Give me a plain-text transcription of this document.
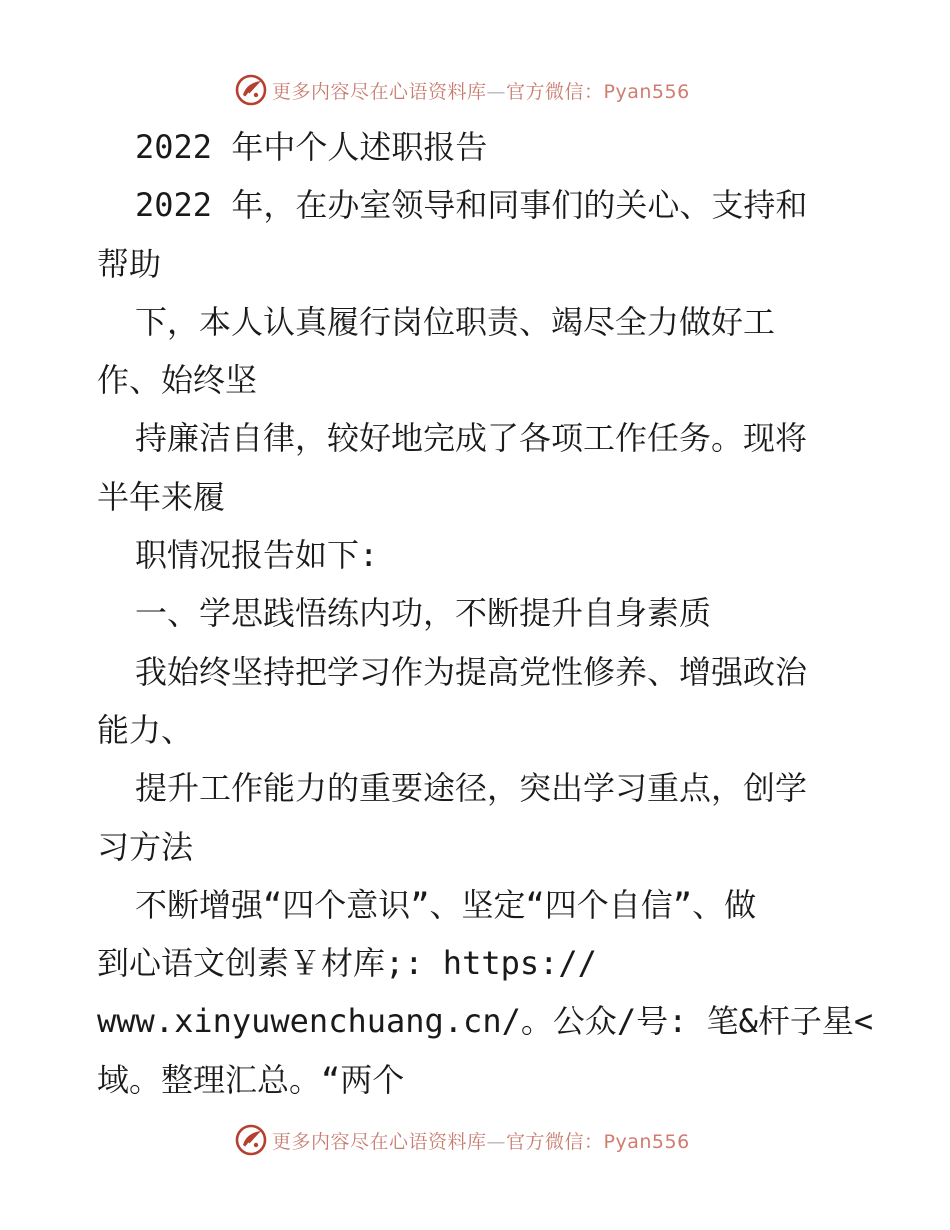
更多内容尽在心语资料库—官方微信：Pyan556
2022 年中个人述职报告
2022 年，在办室领导和同事们的关心、支持和
帮助
下，本人认真履行岗位职责、竭尽全力做好工
作、始终坚
持廉洁自律，较好地完成了各项工作任务。现将
半年来履
职情况报告如下:
一、学思践悟练内功，不断提升自身素质
我始终坚持把学习作为提高党性修养、增强政治
能力、
提升工作能力的重要途径，突出学习重点，创学
习方法
不断增强“四个意识”、坚定“四个自信”、做
到心语文创素￥材库;: https://
www.xinyuwenchuang.cn/。公众/号: 笔&杆子星<
域。整理汇总。“两个
更多内容尽在心语资料库—官方微信：Pyan556
